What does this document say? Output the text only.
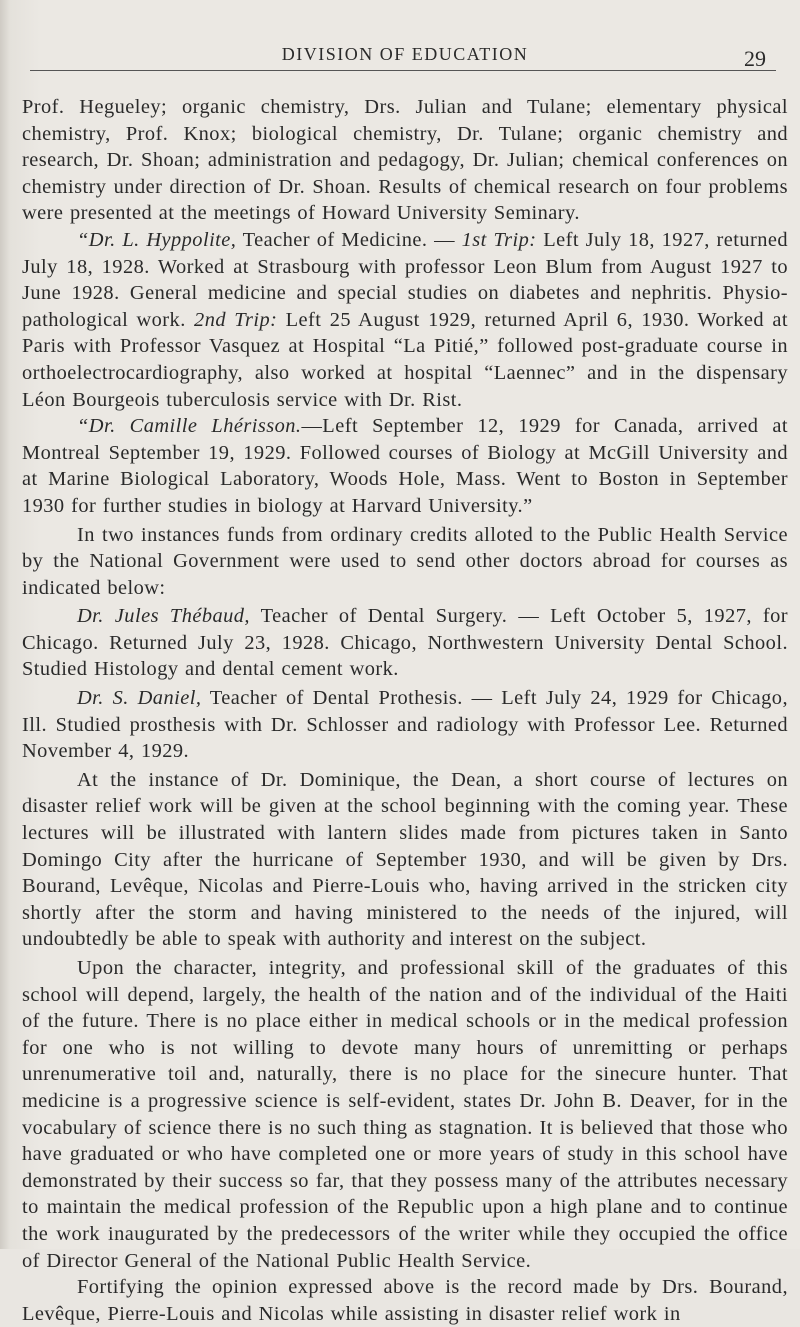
DIVISION OF EDUCATION	29

Prof. Hegueley; organic chemistry, Drs. Julian and Tulane; elementary physical chemistry, Prof. Knox; biological chemistry, Dr. Tulane; organic chemistry and research, Dr. Shoan; administration and pedagogy, Dr. Julian; chemical conferences on chemistry under direction of Dr. Shoan. Results of chemical research on four problems were presented at the meetings of Howard University Seminary.

“Dr. L. Hyppolite, Teacher of Medicine. — 1st Trip: Left July 18, 1927, returned July 18, 1928. Worked at Strasbourg with professor Leon Blum from August 1927 to June 1928. General medicine and special studies on diabetes and nephritis. Physio-pathological work. 2nd Trip: Left 25 August 1929, returned April 6, 1930. Worked at Paris with Professor Vasquez at Hospital “La Pitié,” followed post-graduate course in orthoelectrocardiography, also worked at hospital “Laennec” and in the dispensary Léon Bourgeois tuberculosis service with Dr. Rist.

“Dr. Camille Lhérisson.—Left September 12, 1929 for Canada, arrived at Montreal September 19, 1929. Followed courses of Biology at McGill University and at Marine Biological Laboratory, Woods Hole, Mass. Went to Boston in September 1930 for further studies in biology at Harvard University.”

In two instances funds from ordinary credits alloted to the Public Health Service by the National Government were used to send other doctors abroad for courses as indicated below:

Dr. Jules Thébaud, Teacher of Dental Surgery. — Left October 5, 1927, for Chicago. Returned July 23, 1928. Chicago, Northwestern University Dental School. Studied Histology and dental cement work.

Dr. S. Daniel, Teacher of Dental Prothesis. — Left July 24, 1929 for Chicago, Ill. Studied prosthesis with Dr. Schlosser and radiology with Professor Lee. Returned November 4, 1929.

At the instance of Dr. Dominique, the Dean, a short course of lectures on disaster relief work will be given at the school beginning with the coming year. These lectures will be illustrated with lantern slides made from pictures taken in Santo Domingo City after the hurricane of September 1930, and will be given by Drs. Bourand, Levêque, Nicolas and Pierre-Louis who, having arrived in the stricken city shortly after the storm and having ministered to the needs of the injured, will undoubtedly be able to speak with authority and interest on the subject.

Upon the character, integrity, and professional skill of the graduates of this school will depend, largely, the health of the nation and of the individual of the Haiti of the future. There is no place either in medical schools or in the medical profession for one who is not willing to devote many hours of unremitting or perhaps unrenumerative toil and, naturally, there is no place for the sinecure hunter. That medicine is a progressive science is self-evident, states Dr. John B. Deaver, for in the vocabulary of science there is no such thing as stagnation. It is believed that those who have graduated or who have completed one or more years of study in this school have demonstrated by their success so far, that they possess many of the attributes necessary to maintain the medical profession of the Republic upon a high plane and to continue the work inaugurated by the predecessors of the writer while they occupied the office of Director General of the National Public Health Service.

Fortifying the opinion expressed above is the record made by Drs. Bourand, Levêque, Pierre-Louis and Nicolas while assisting in disaster relief work in
